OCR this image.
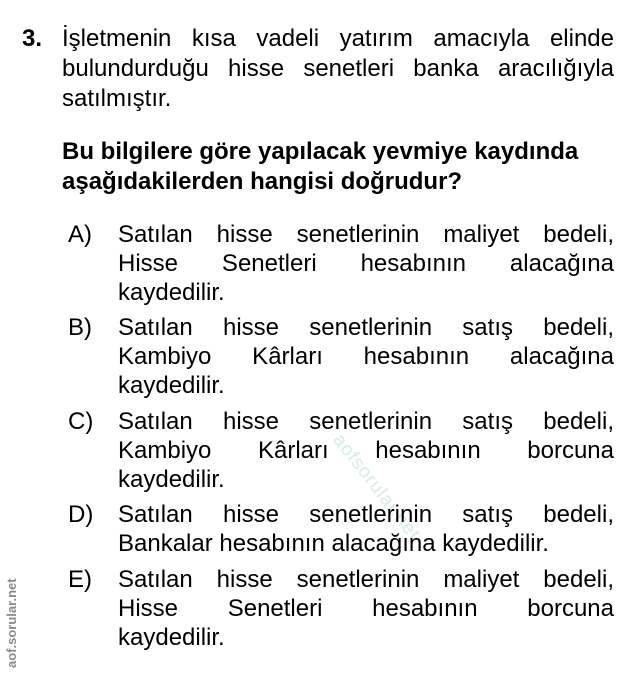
aofsorular.net
3. İşletmenin kısa vadeli yatırım amacıyla elinde
bulundurduğu hisse senetleri banka aracılığıyla
satılmıştır.
Bu bilgilere göre yapılacak yevmiye kaydında
aşağıdakilerden hangisi doğrudur?
A)	Satılan hisse senetlerinin maliyet bedeli,
Hisse Senetleri hesabının alacağına
kaydedilir.
B)	Satılan hisse senetlerinin satış bedeli,
Kambiyo Kârları hesabının alacağına
kaydedilir.
C)	Satılan hisse senetlerinin satış bedeli,
Kambiyo Kârları hesabının borcuna
kaydedilir.
D)	Satılan hisse senetlerinin satış bedeli,
Bankalar hesabının alacağına kaydedilir.
E)	Satılan hisse senetlerinin maliyet bedeli,
Hisse Senetleri hesabının borcuna
kaydedilir.
aof.sorular.net
